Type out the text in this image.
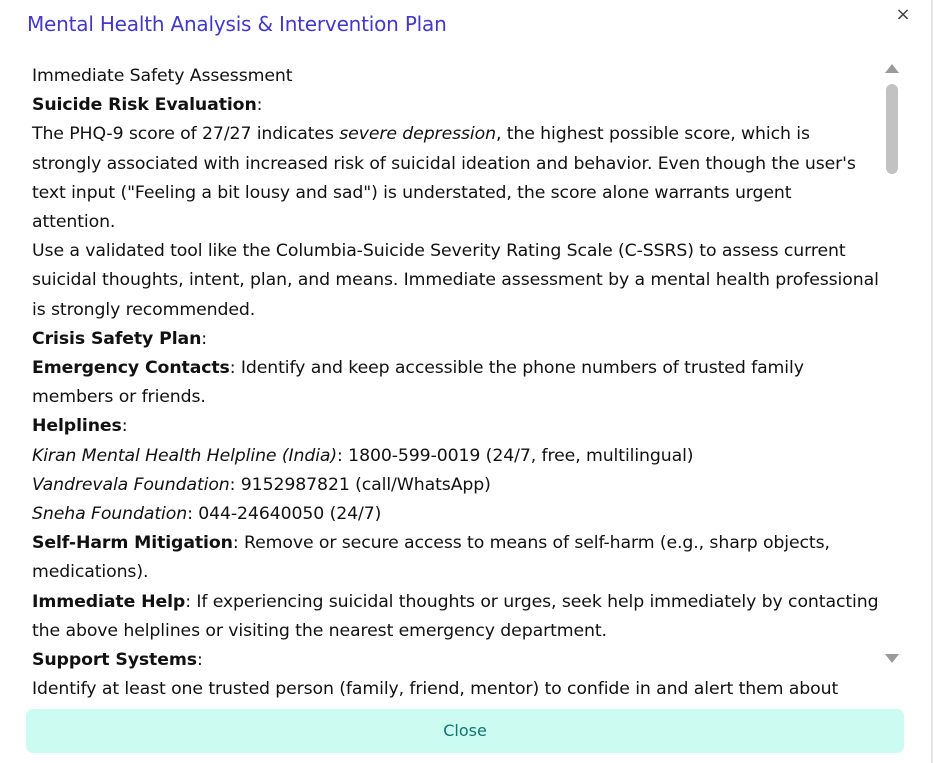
Mental Health Analysis & Intervention Plan	×

Immediate Safety Assessment

Suicide Risk Evaluation:

The PHQ-9 score of 27/27 indicates severe depression, the highest possible score, which is strongly associated with increased risk of suicidal ideation and behavior. Even though the user's text input ("Feeling a bit lousy and sad") is understated, the score alone warrants urgent attention.

Use a validated tool like the Columbia-Suicide Severity Rating Scale (C-SSRS) to assess current suicidal thoughts, intent, plan, and means. Immediate assessment by a mental health professional is strongly recommended.

Crisis Safety Plan:

Emergency Contacts: Identify and keep accessible the phone numbers of trusted family members or friends.

Helplines:

Kiran Mental Health Helpline (India): 1800-599-0019 (24/7, free, multilingual)

Vandrevala Foundation: 9152987821 (call/WhatsApp)

Sneha Foundation: 044-24640050 (24/7)

Self-Harm Mitigation: Remove or secure access to means of self-harm (e.g., sharp objects, medications).

Immediate Help: If experiencing suicidal thoughts or urges, seek help immediately by contacting the above helplines or visiting the nearest emergency department.

Support Systems:

Identify at least one trusted person (family, friend, mentor) to confide in and alert them about

Close
